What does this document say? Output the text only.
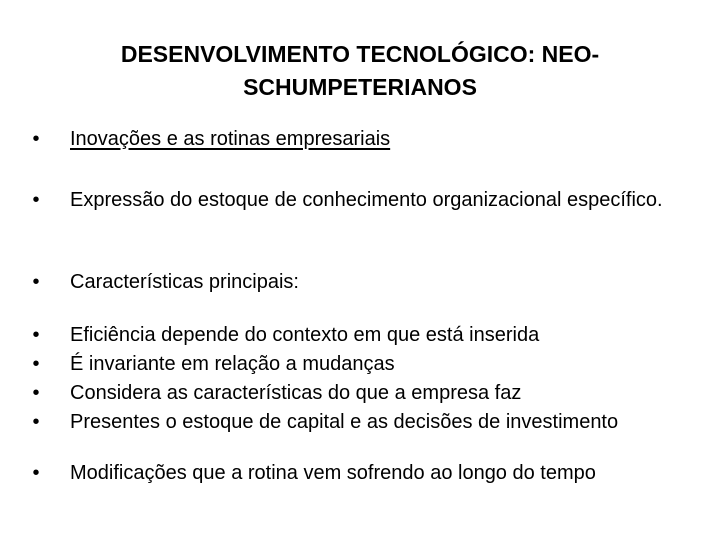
DESENVOLVIMENTO TECNOLÓGICO: NEO-
SCHUMPETERIANOS
• Inovações e as rotinas empresariais
• Expressão do estoque de conhecimento organizacional específico.
• Características principais:
• Eficiência depende do contexto em que está inserida
• É invariante em relação a mudanças
• Considera as características do que a empresa faz
• Presentes o estoque de capital e as decisões de investimento
• Modificações que a rotina vem sofrendo ao longo do tempo
